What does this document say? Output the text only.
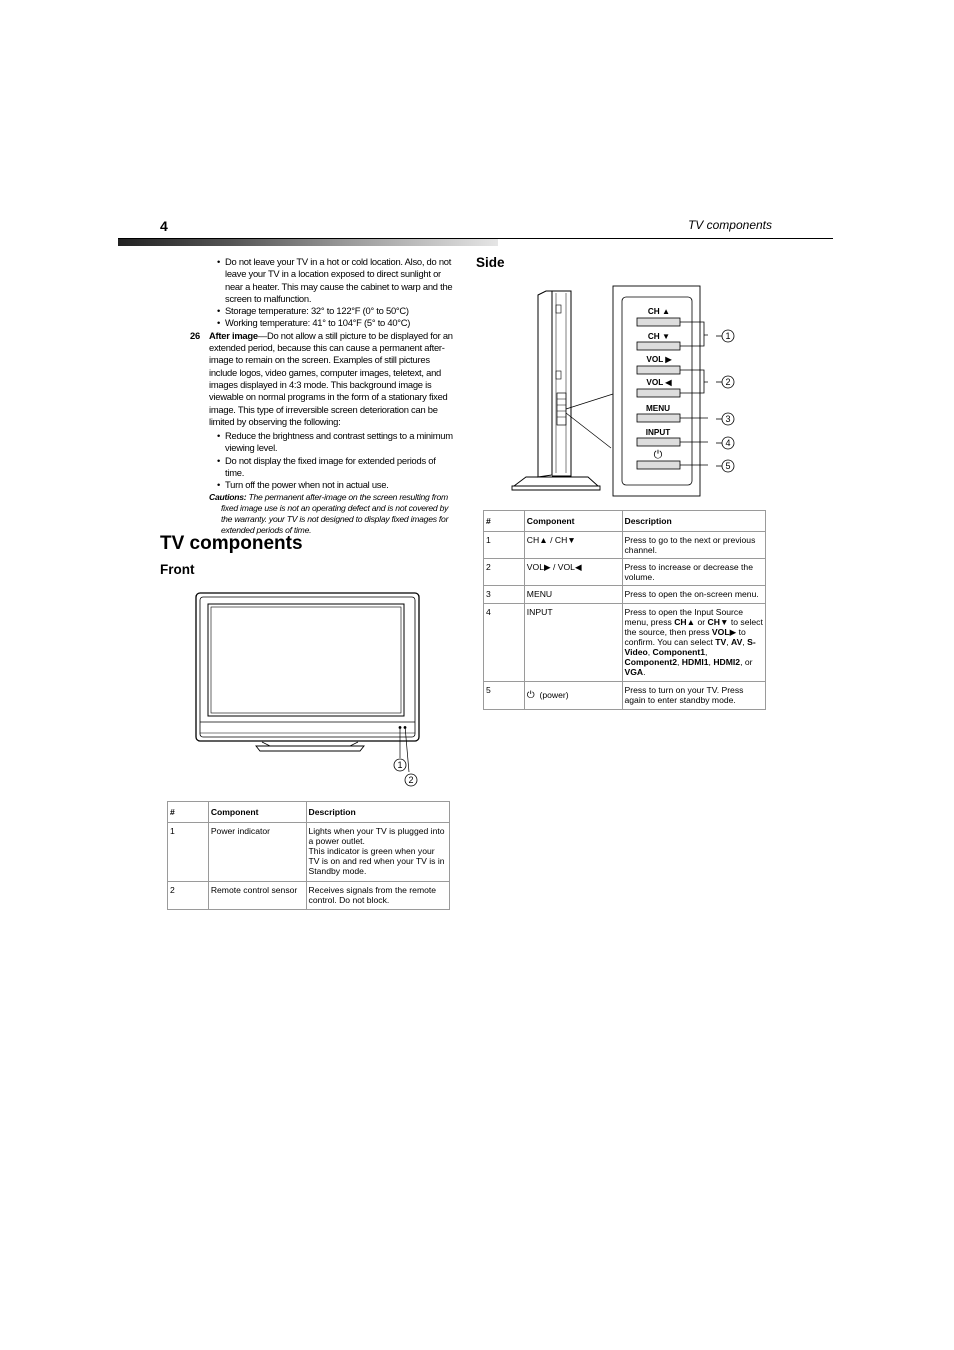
4	TV components
• Do not leave your TV in a hot or cold location. Also, do not leave your TV in a location exposed to direct sunlight or near a heater. This may cause the cabinet to warp and the screen to malfunction.
• Storage temperature: 32° to 122°F (0° to 50°C)
• Working temperature: 41° to 104°F (5° to 40°C)
26 After image—Do not allow a still picture to be displayed for an extended period, because this can cause a permanent after-image to remain on the screen. Examples of still pictures include logos, video games, computer images, teletext, and images displayed in 4:3 mode. This background image is viewable on normal programs in the form of a stationary fixed image. This type of irreversible screen deterioration can be limited by observing the following:
• Reduce the brightness and contrast settings to a minimum viewing level.
• Do not display the fixed image for extended periods of time.
• Turn off the power when not in actual use.
Cautions: The permanent after-image on the screen resulting from fixed image use is not an operating defect and is not covered by the warranty. your TV is not designed to display fixed images for extended periods of time.
TV components
Front
Side
1
2
#	Component	Description
1	Power indicator	Lights when your TV is plugged into a power outlet.
This indicator is green when your TV is on and red when your TV is in Standby mode.

2	Remote control sensor	Receives signals from the remote control. Do not block.
CH ▲
CH ▼
VOL ▶
VOL ◀
MENU
INPUT
⏻
1
2
3
4
5
#	Component	Description
1	CH▲ / CH▼	Press to go to the next or previous channel.
2	VOL▶ / VOL◀	Press to increase or decrease the volume.
3	MENU	Press to open the on-screen menu.
4	INPUT	Press to open the Input Source menu, press CH▲ or CH▼ to select the source, then press VOL▶ to confirm. You can select TV, AV, S-Video, Component1, Component2, HDMI1, HDMI2, or VGA.
5	⏻ (power)	Press to turn on your TV. Press again to enter standby mode.
